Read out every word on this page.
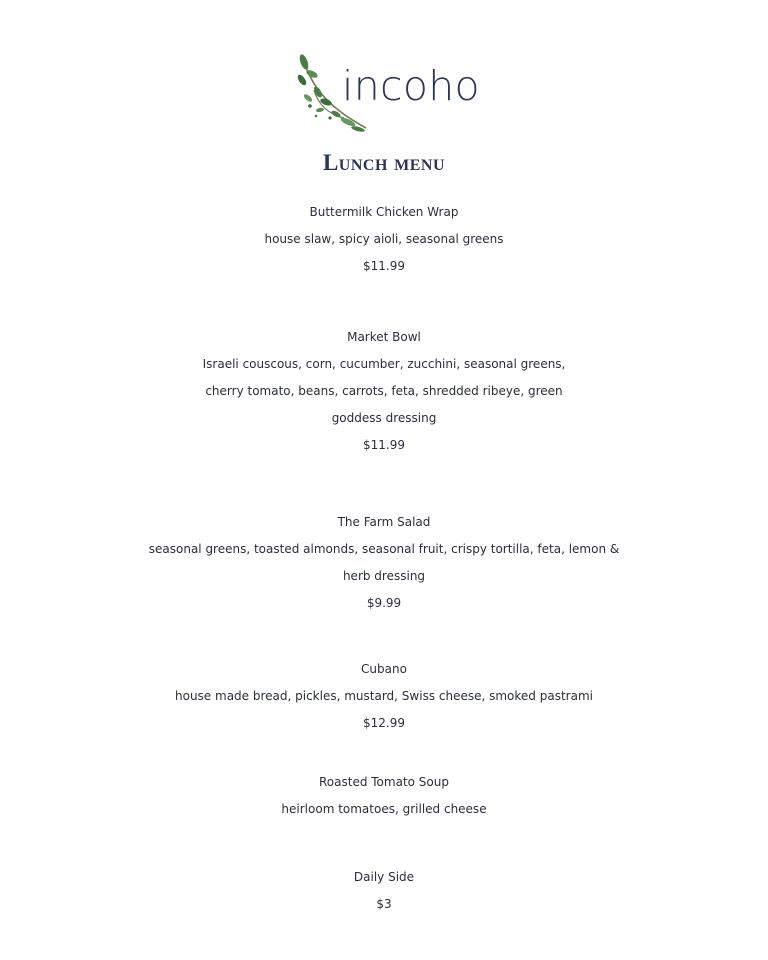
incoho
Lunch menu
Buttermilk Chicken Wrap
house slaw, spicy aioli, seasonal greens
$11.99
Market Bowl
Israeli couscous, corn, cucumber, zucchini, seasonal greens,
cherry tomato, beans, carrots, feta, shredded ribeye, green
goddess dressing
$11.99
The Farm Salad
seasonal greens, toasted almonds, seasonal fruit, crispy tortilla, feta, lemon &
herb dressing
$9.99
Cubano
house made bread, pickles, mustard, Swiss cheese, smoked pastrami
$12.99
Roasted Tomato Soup
heirloom tomatoes, grilled cheese
Daily Side
$3
